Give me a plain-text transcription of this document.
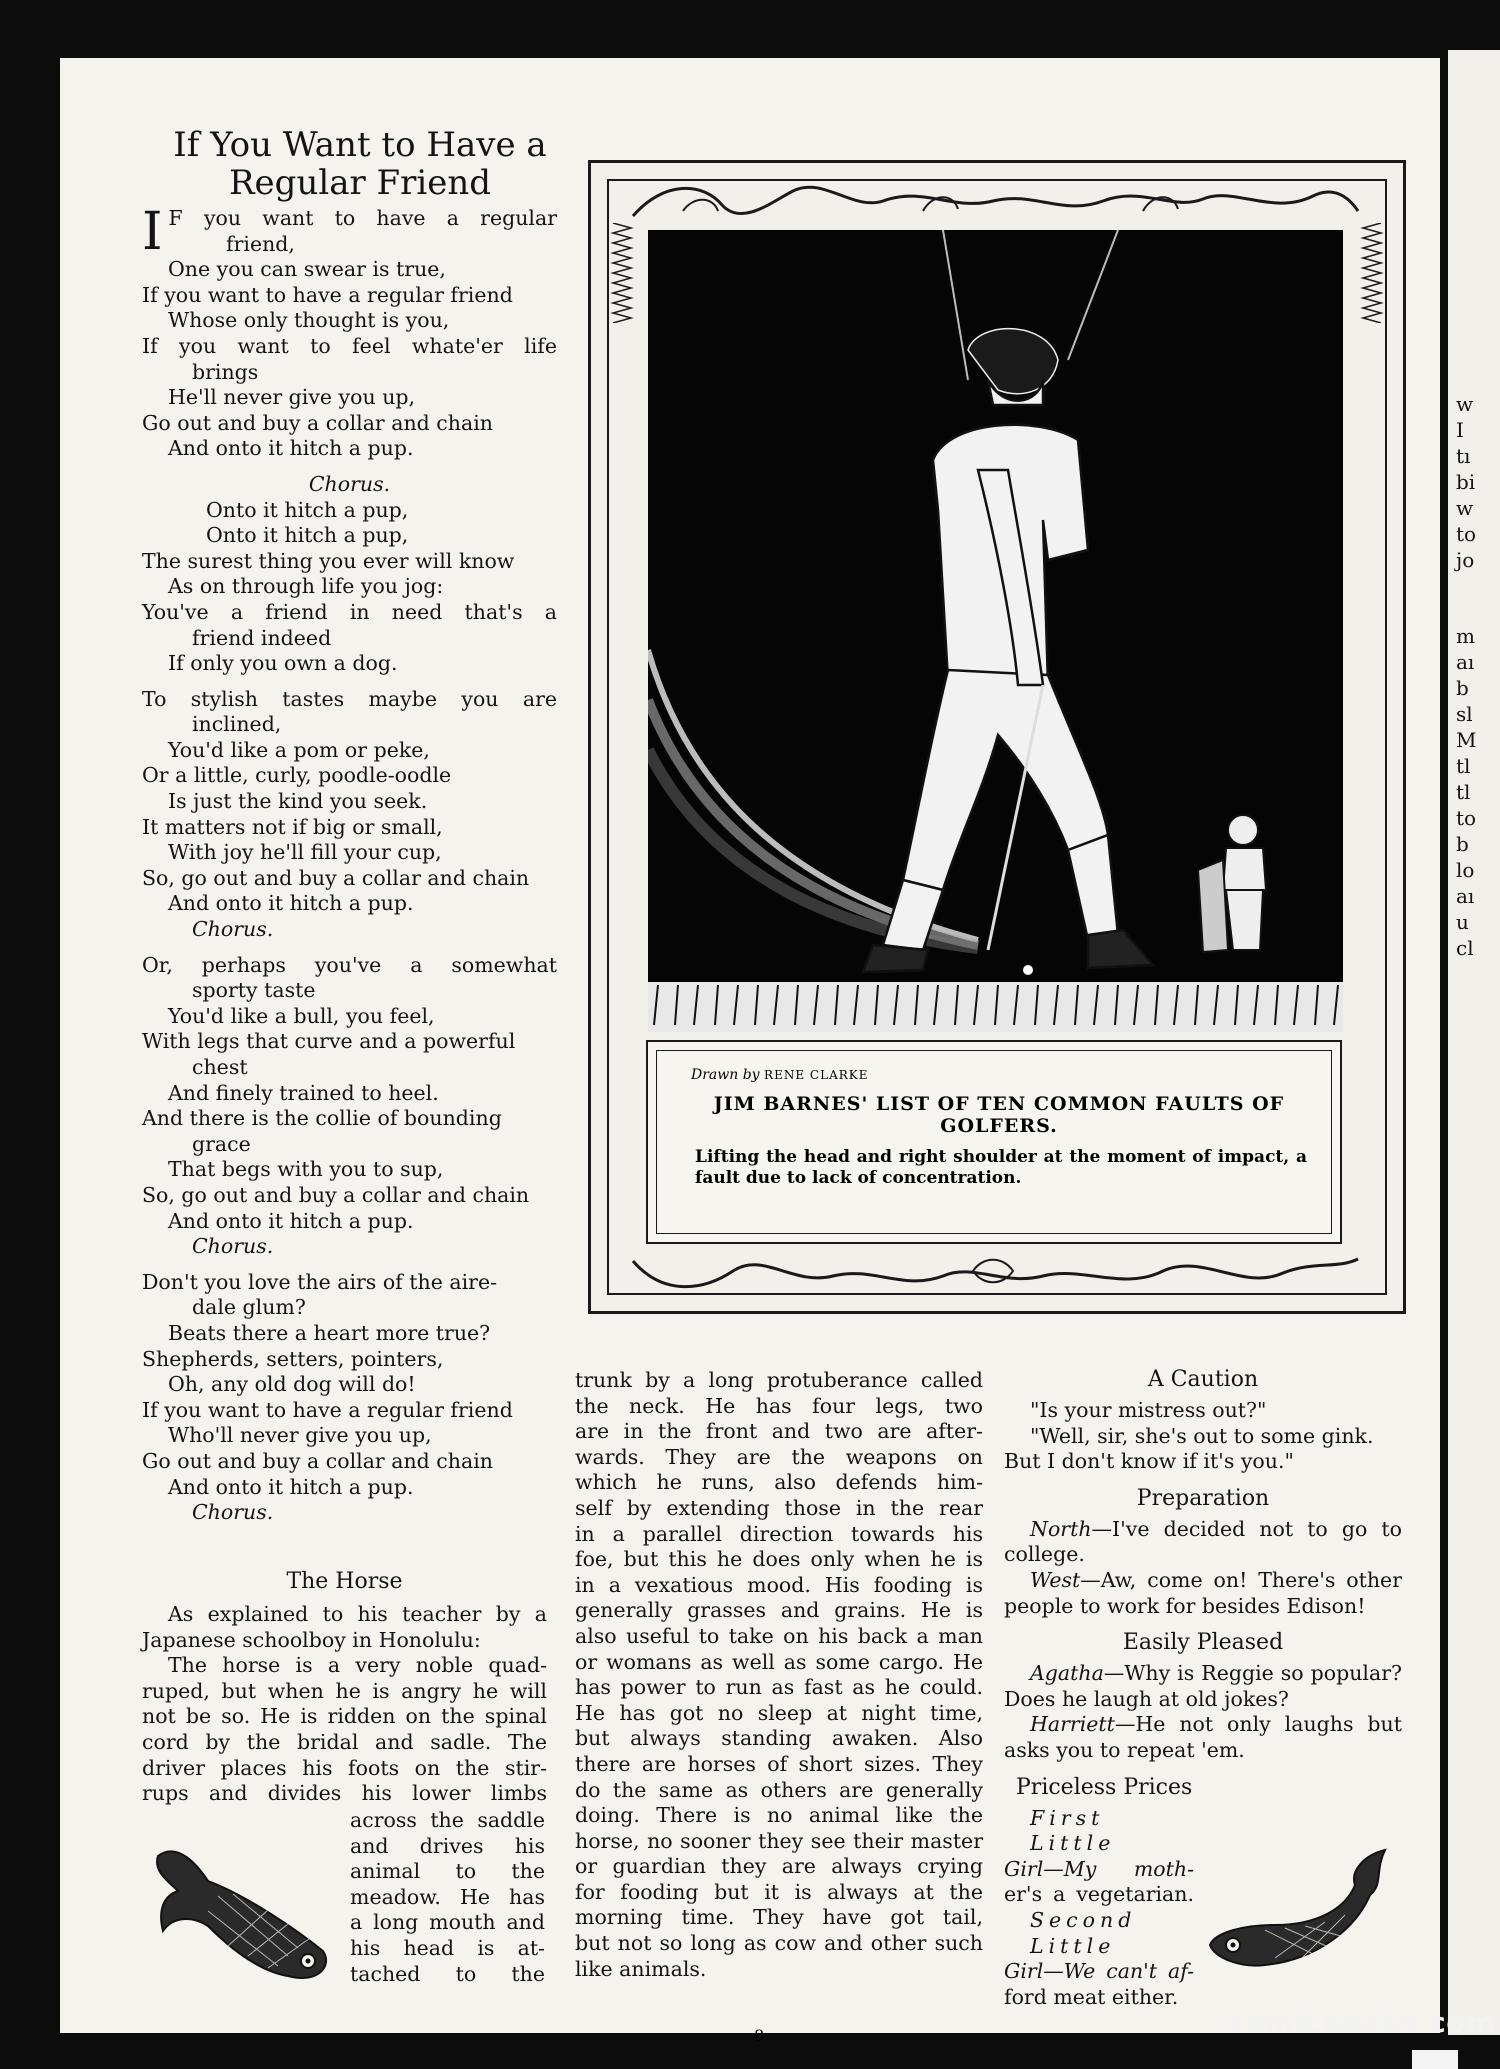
If You Want to Have a Regular Friend
I F you want to have a regular
friend,
One you can swear is true,
If you want to have a regular friend
Whose only thought is you,
If you want to feel whate'er life
brings
He'll never give you up,
Go out and buy a collar and chain
And onto it hitch a pup.
Chorus.
Onto it hitch a pup,
Onto it hitch a pup,
The surest thing you ever will know
As on through life you jog:
You've a friend in need that's a
friend indeed
If only you own a dog.
To stylish tastes maybe you are
inclined,
You'd like a pom or peke,
Or a little, curly, poodle-oodle
Is just the kind you seek.
It matters not if big or small,
With joy he'll fill your cup,
So, go out and buy a collar and chain
And onto it hitch a pup.
Chorus.
Or, perhaps you've a somewhat
sporty taste
You'd like a bull, you feel,
With legs that curve and a powerful
chest
And finely trained to heel.
And there is the collie of bounding
grace
That begs with you to sup,
So, go out and buy a collar and chain
And onto it hitch a pup.
Chorus.
Don't you love the airs of the aire-
dale glum?
Beats there a heart more true?
Shepherds, setters, pointers,
Oh, any old dog will do!
If you want to have a regular friend
Who'll never give you up,
Go out and buy a collar and chain
And onto it hitch a pup.
Chorus.
The Horse
As explained to his teacher by a
Japanese schoolboy in Honolulu:
The horse is a very noble quad-
ruped, but when he is angry he will
not be so. He is ridden on the spinal
cord by the bridal and sadle. The
driver places his foots on the stir-
rups and divides his lower limbs
across the saddle
and drives his
animal to the
meadow. He has
a long mouth and
his head is at-
tached to the
trunk by a long protuberance called
the neck. He has four legs, two
are in the front and two are after-
wards. They are the weapons on
which he runs, also defends him-
self by extending those in the rear
in a parallel direction towards his
foe, but this he does only when he is
in a vexatious mood. His fooding is
generally grasses and grains. He is
also useful to take on his back a man
or womans as well as some cargo. He
has power to run as fast as he could.
He has got no sleep at night time,
but always standing awaken. Also
there are horses of short sizes. They
do the same as others are generally
doing. There is no animal like the
horse, no sooner they see their master
or guardian they are always crying
for fooding but it is always at the
morning time. They have got tail,
but not so long as cow and other such
like animals.
Drawn by RENE CLARKE
JIM BARNES' LIST OF TEN COMMON FAULTS OF GOLFERS.
Lifting the head and right shoulder at the moment of impact, a fault due to lack of concentration.
A Caution
"Is your mistress out?"
"Well, sir, she's out to some gink.
But I don't know if it's you."
Preparation
North—I've decided not to go to college.
West—Aw, come on! There's other people to work for besides Edison!
Easily Pleased
Agatha—Why is Reggie so popular? Does he laugh at old jokes?
Harriett—He not only laughs but asks you to repeat 'em.
Priceless Prices
First Little
Girl—My moth-
er's a vegetarian.
Second Little
Girl—We can't af-
ford meat either.
w
I
tı
bi
w
to
jo
m
aı
b
sl
M
tl
tl
to
b
lo
aı
u
cl
8	comicbooks.com
